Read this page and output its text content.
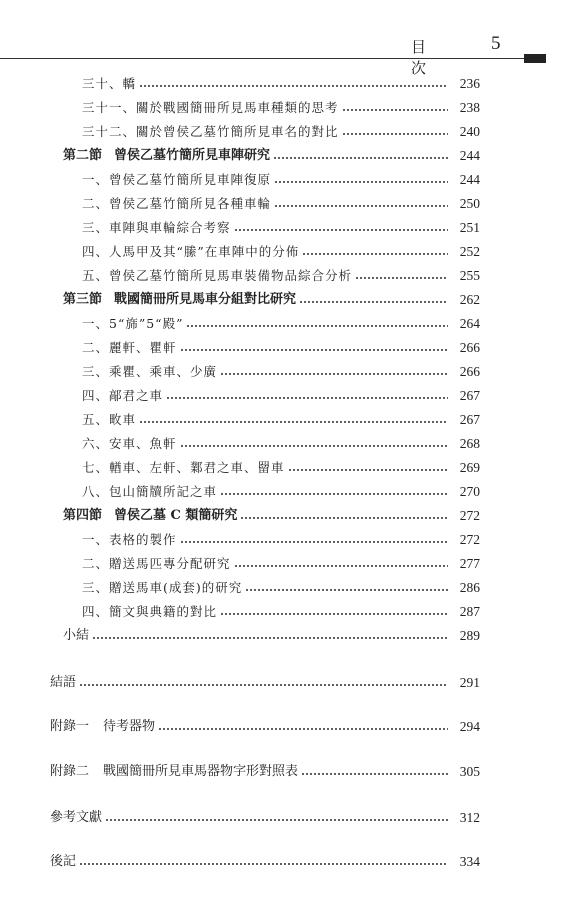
目 次
5
三十、轎	236
三十一、關於戰國簡冊所見馬車種類的思考	238
三十二、關於曾侯乙墓竹簡所見車名的對比	240
第二節 曾侯乙墓竹簡所見車陣研究	244
一、曾侯乙墓竹簡所見車陣復原	244
二、曾侯乙墓竹簡所見各種車輪	250
三、車陣與車輪綜合考察	251
四、人馬甲及其“縢”在車陣中的分佈	252
五、曾侯乙墓竹簡所見馬車裝備物品綜合分析	255
第三節 戰國簡冊所見馬車分組對比研究	262
一、5“旆”5“殿”	264
二、麗軒、瞿軒	266
三、乘瞿、乘車、少廣	266
四、鄗君之車	267
五、畋車	267
六、安車、魚軒	268
七、輶車、左軒、鄴君之車、罶車	269
八、包山簡牘所記之車	270
第四節 曾侯乙墓 C 類簡研究	272
一、表格的製作	272
二、贈送馬匹專分配研究	277
三、贈送馬車(成套)的研究	286
四、簡文與典籍的對比	287
小結	289
結語	291
附錄一 待考器物	294
附錄二 戰國簡冊所見車馬器物字形對照表	305
參考文獻	312
後記	334
